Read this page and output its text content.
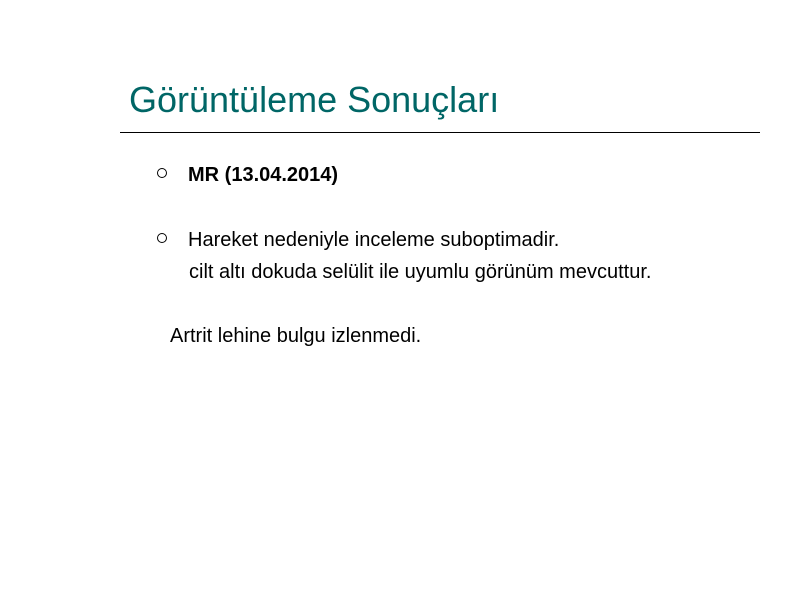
Görüntüleme Sonuçları
MR (13.04.2014)
Hareket nedeniyle inceleme suboptimadir.
cilt altı dokuda selülit ile uyumlu görünüm mevcuttur.
Artrit lehine bulgu izlenmedi.
